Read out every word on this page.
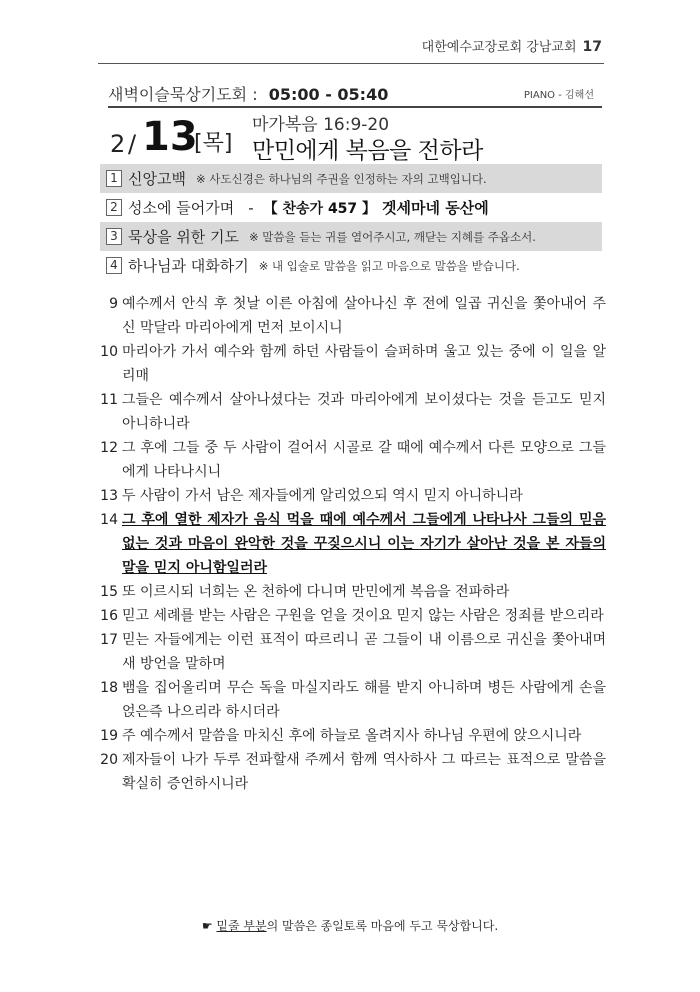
대한예수교장로회 강남교회 17
새벽이슬묵상기도회 : 05:00 - 05:40	PIANO - 김해선
2 / 13
[목]
마가복음 16:9-20
만민에게 복음을 전하라
1 신앙고백 ※ 사도신경은 하나님의 주권을 인정하는 자의 고백입니다.
2 성소에 들어가며 - 【 찬송가 457 】 겟세마네 동산에
3 묵상을 위한 기도 ※ 말씀을 듣는 귀를 열어주시고, 깨닫는 지혜를 주옵소서.
4 하나님과 대화하기 ※ 내 입술로 말씀을 읽고 마음으로 말씀을 받습니다.
9 예수께서 안식 후 첫날 이른 아침에 살아나신 후 전에 일곱 귀신을 쫓아내어 주신 막달라 마리아에게 먼저 보이시니
10 마리아가 가서 예수와 함께 하던 사람들이 슬퍼하며 울고 있는 중에 이 일을 알리매
11 그들은 예수께서 살아나셨다는 것과 마리아에게 보이셨다는 것을 듣고도 믿지 아니하니라
12 그 후에 그들 중 두 사람이 걸어서 시골로 갈 때에 예수께서 다른 모양으로 그들에게 나타나시니
13 두 사람이 가서 남은 제자들에게 알리었으되 역시 믿지 아니하니라
14 그 후에 열한 제자가 음식 먹을 때에 예수께서 그들에게 나타나사 그들의 믿음 없는 것과 마음이 완악한 것을 꾸짖으시니 이는 자기가 살아난 것을 본 자들의 말을 믿지 아니함일러라
15 또 이르시되 너희는 온 천하에 다니며 만민에게 복음을 전파하라
16 믿고 세례를 받는 사람은 구원을 얻을 것이요 믿지 않는 사람은 정죄를 받으리라
17 믿는 자들에게는 이런 표적이 따르리니 곧 그들이 내 이름으로 귀신을 쫓아내며 새 방언을 말하며
18 뱀을 집어올리며 무슨 독을 마실지라도 해를 받지 아니하며 병든 사람에게 손을 얹은즉 나으리라 하시더라
19 주 예수께서 말씀을 마치신 후에 하늘로 올려지사 하나님 우편에 앉으시니라
20 제자들이 나가 두루 전파할새 주께서 함께 역사하사 그 따르는 표적으로 말씀을 확실히 증언하시니라
☛ 밑줄 부분의 말씀은 종일토록 마음에 두고 묵상합니다.
